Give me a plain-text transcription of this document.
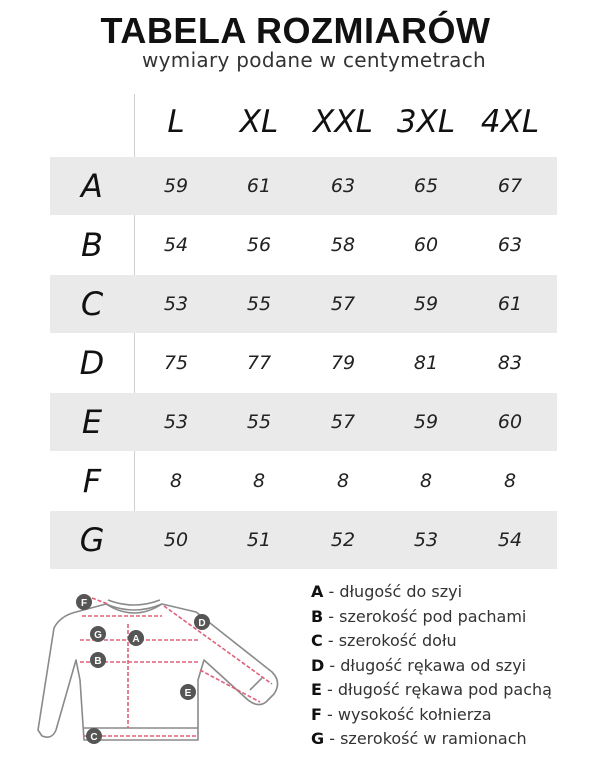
TABELA ROZMIARÓW
wymiary podane w centymetrach
L	XL	XXL 3XL 4XL
A	59	61	63	65	67
B	54	56	58	60	63
C	53	55	57	59	61
D	75	77	79	81	83
E	53	55	57	59	60
F	8	8	8	8	8
G	50	51	52	53	54
F
G	A
B
C
D
E
A - długość do szyi
B - szerokość pod pachami
C - szerokość dołu
D - długość rękawa od szyi
E - długość rękawa pod pachą
F - wysokość kołnierza
G - szerokość w ramionach
